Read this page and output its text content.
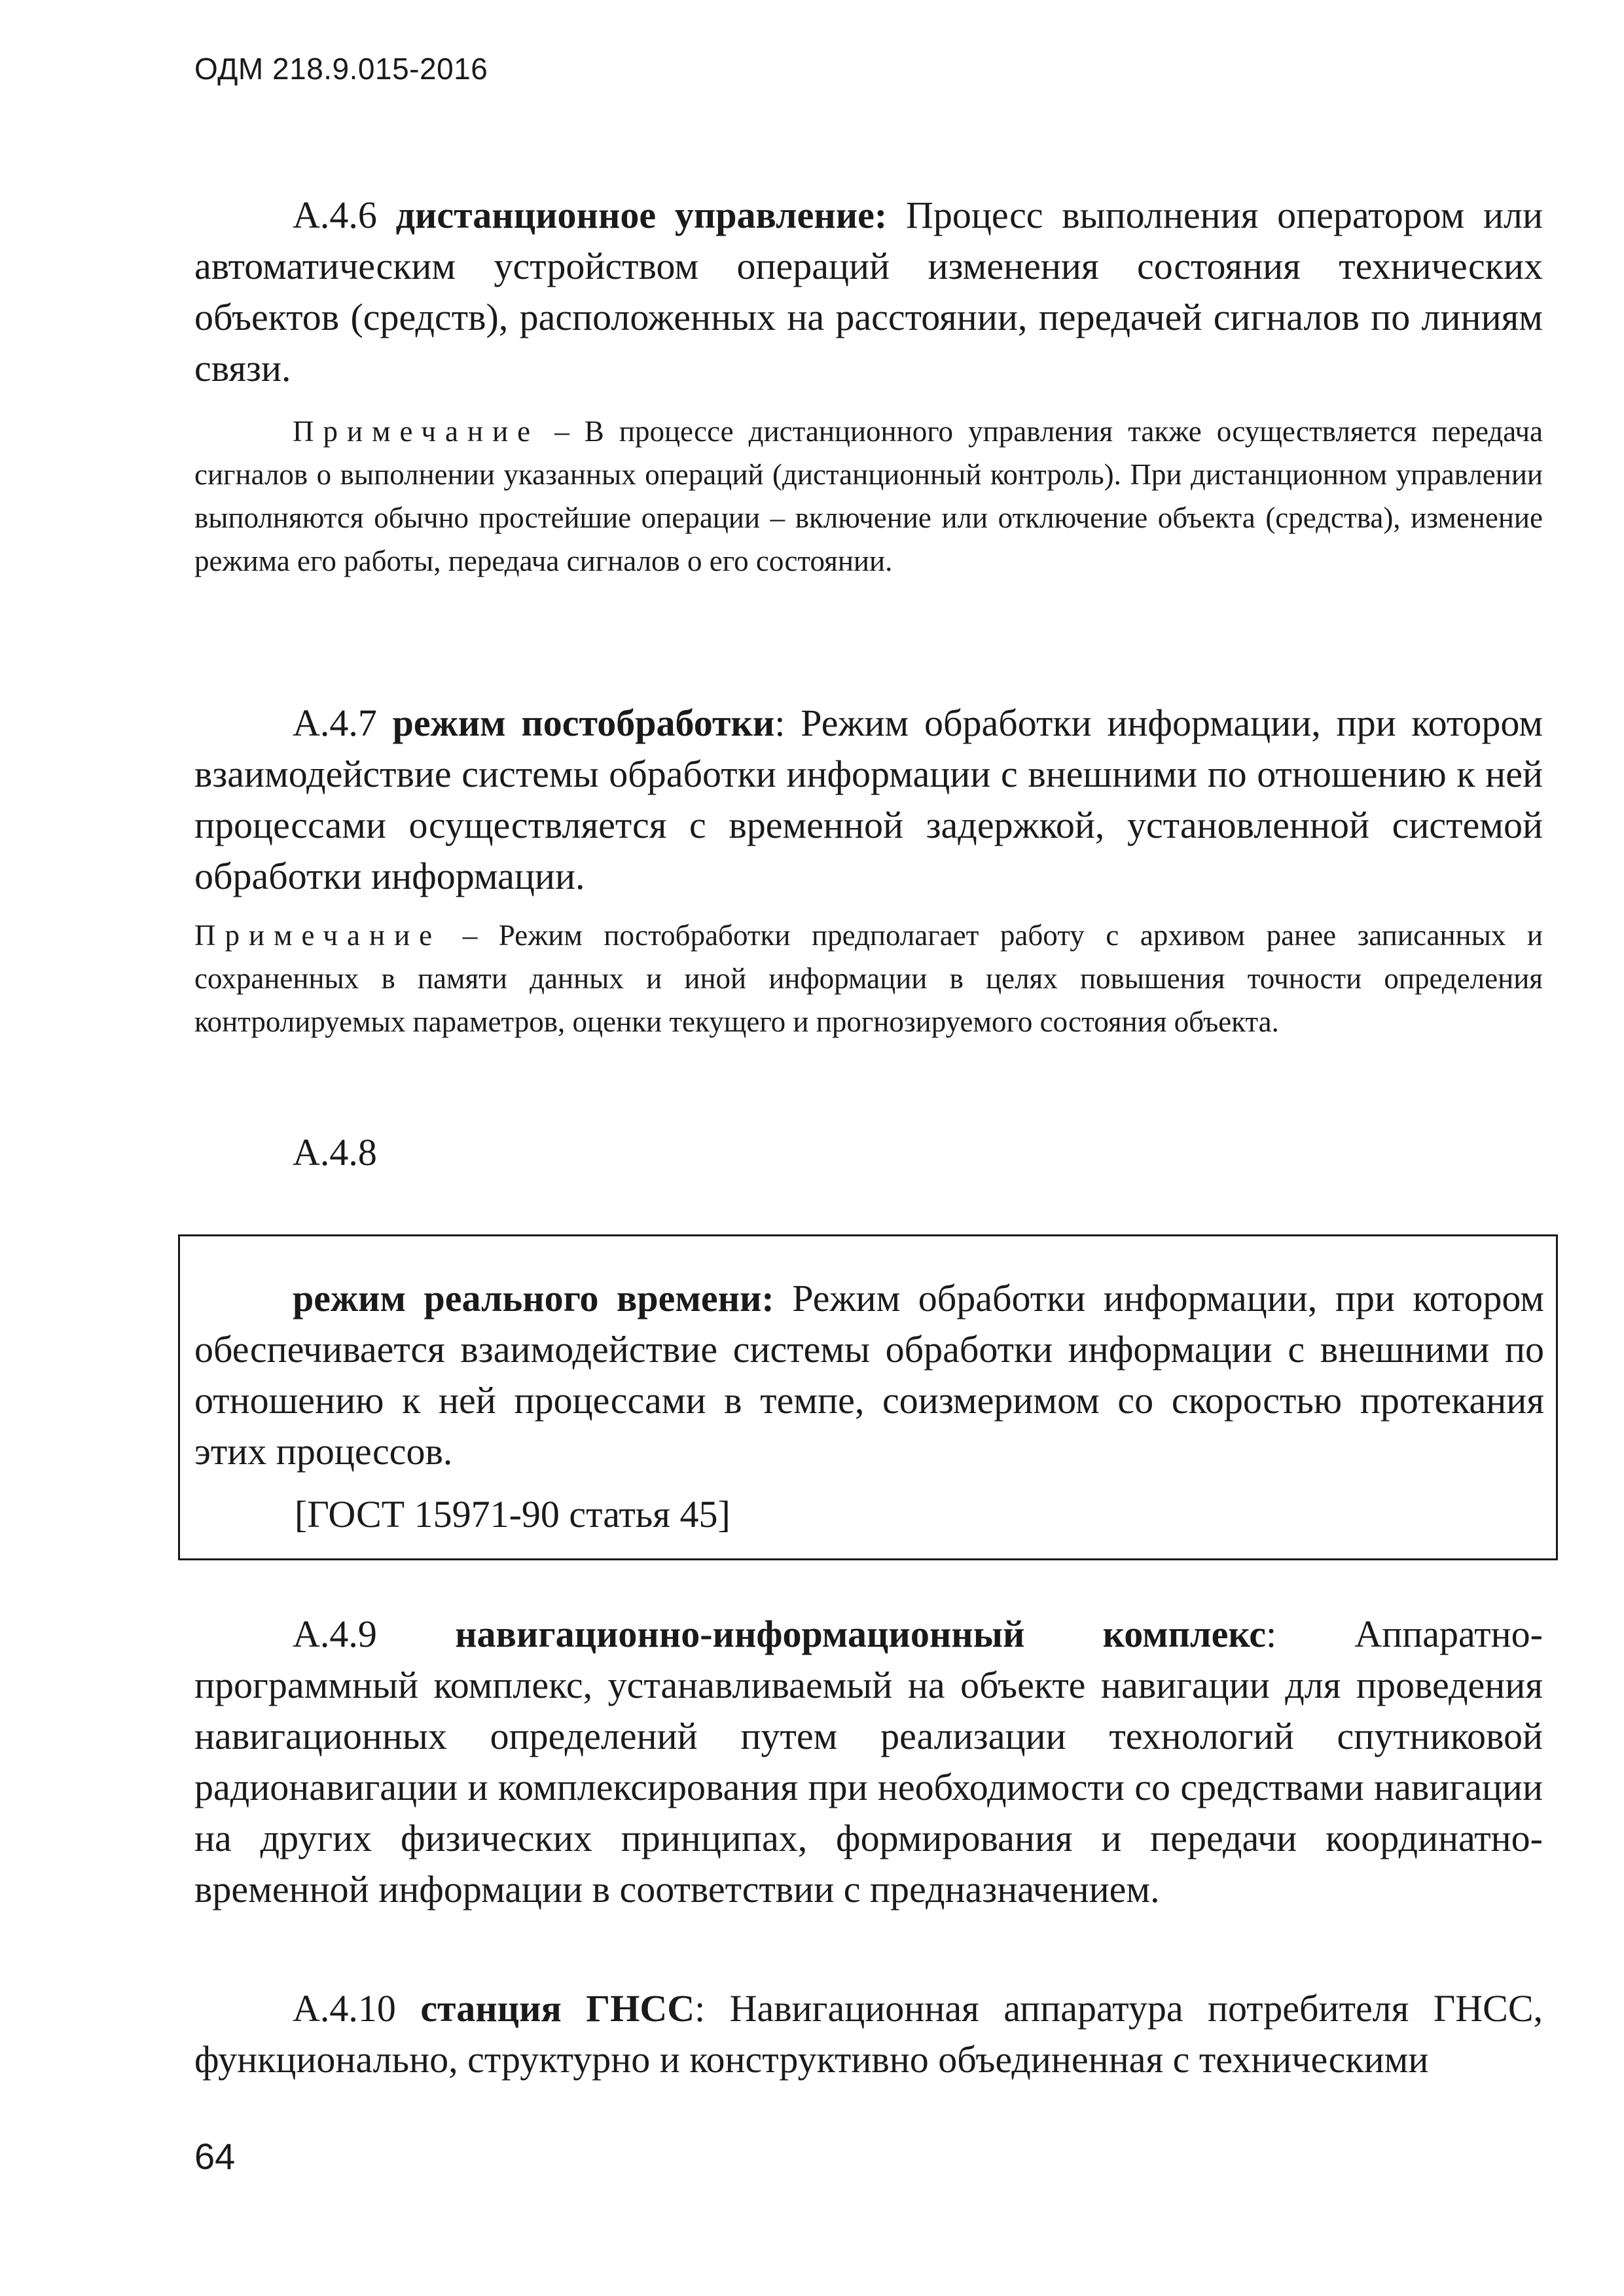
ОДМ 218.9.015-2016

А.4.6 дистанционное управление: Процесс выполнения оператором или автоматическим устройством операций изменения состояния технических объектов (средств), расположенных на расстоянии, передачей сигналов по линиям связи.

Примечание – В процессе дистанционного управления также осуществляется передача сигналов о выполнении указанных операций (дистанционный контроль). При дистанционном управлении выполняются обычно простейшие операции – включение или отключение объекта (средства), изменение режима его работы, передача сигналов о его состоянии.

А.4.7 режим постобработки: Режим обработки информации, при котором взаимодействие системы обработки информации с внешними по отношению к ней процессами осуществляется с временной задержкой, установленной системой обработки информации.

Примечание – Режим постобработки предполагает работу с архивом ранее записанных и сохраненных в памяти данных и иной информации в целях повышения точности определения контролируемых параметров, оценки текущего и прогнозируемого состояния объекта.

А.4.8

режим реального времени: Режим обработки информации, при котором обеспечивается взаимодействие системы обработки информации с внешними по отношению к ней процессами в темпе, соизмеримом со скоростью протекания этих процессов.

[ГОСТ 15971-90 статья 45]

А.4.9 навигационно-информационный комплекс: Аппаратно-программный комплекс, устанавливаемый на объекте навигации для проведения навигационных определений путем реализации технологий спутниковой радионавигации и комплексирования при необходимости со средствами навигации на других физических принципах, формирования и передачи координатно-временной информации в соответствии с предназначением.

А.4.10 станция ГНСС: Навигационная аппаратура потребителя ГНСС, функционально, структурно и конструктивно объединенная с техническими

64
